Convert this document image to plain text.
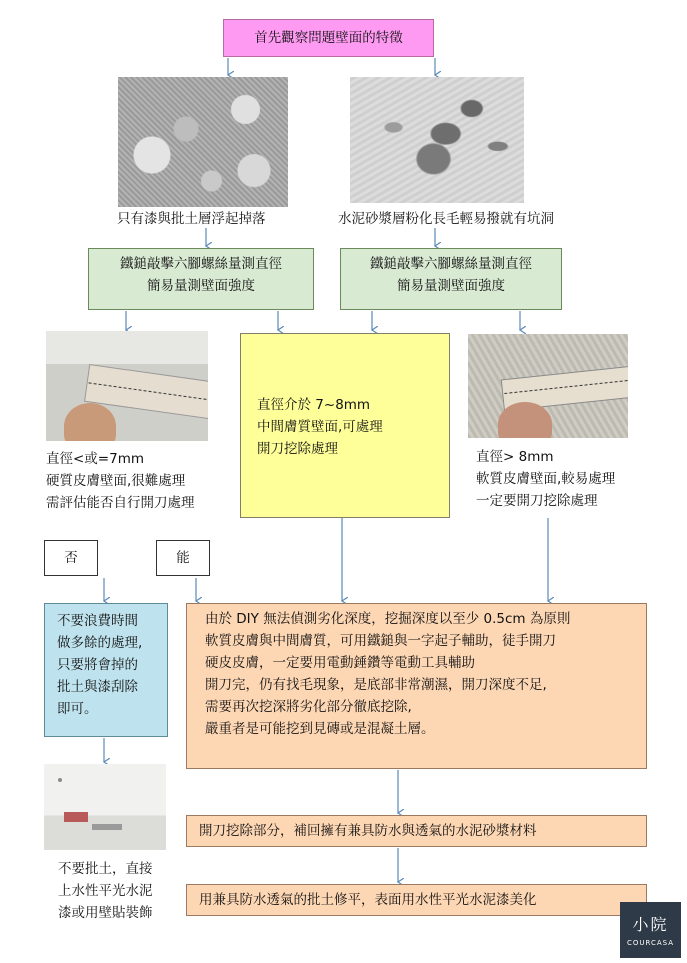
首先觀察問題壁面的特徵
只有漆與批土層浮起掉落	水泥砂漿層粉化長毛輕易撥就有坑洞
鐵鎚敲擊六腳螺絲量測直徑
簡易量測壁面強度
鐵鎚敲擊六腳螺絲量測直徑
簡易量測壁面強度
直徑<或=7mm
硬質皮膚壁面,很難處理
需評估能否自行開刀處理
直徑介於 7~8mm
中間膚質壁面,可處理
開刀挖除處理	直徑> 8mm
軟質皮膚壁面,較易處理
一定要開刀挖除處理
否	能
不要浪費時間
做多餘的處理,
只要將會掉的
批土與漆刮除
即可。
由於 DIY 無法偵測劣化深度，挖掘深度以至少 0.5cm 為原則
軟質皮膚與中間膚質，可用鐵鎚與一字起子輔助，徒手開刀
硬皮皮膚，一定要用電動錘鑽等電動工具輔助
開刀完，仍有找毛現象，是底部非常潮濕，開刀深度不足,
需要再次挖深將劣化部分徹底挖除,
嚴重者是可能挖到見磚或是混凝土層。
不要批土，直接
上水性平光水泥
漆或用壁貼裝飾
開刀挖除部分，補回擁有兼具防水與透氣的水泥砂漿材料
用兼具防水透氣的批土修平，表面用水性平光水泥漆美化
小院
COURCASA
